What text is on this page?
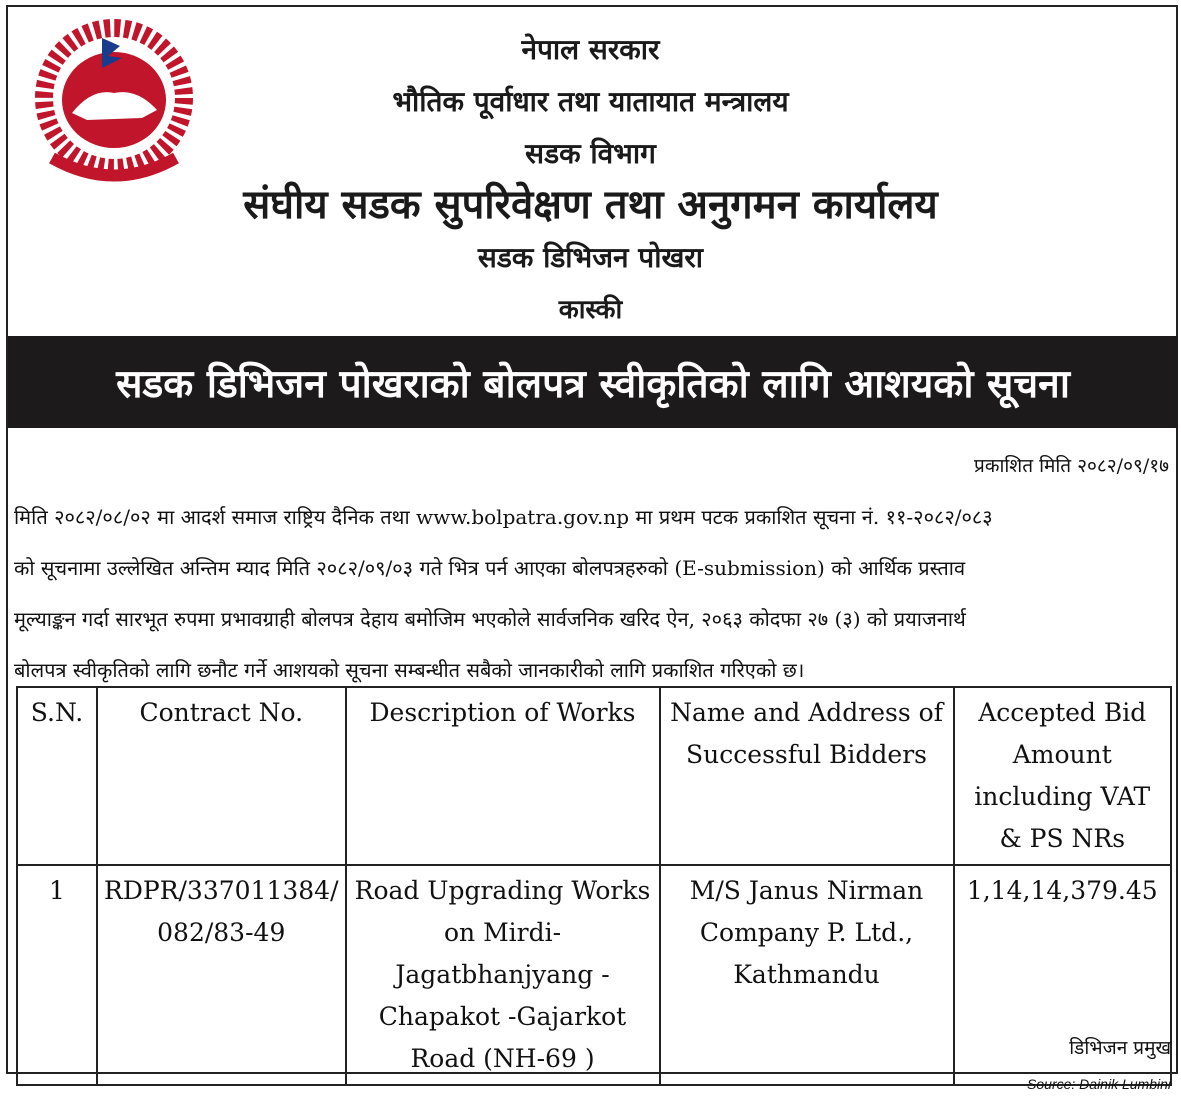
नेपाल सरकार
भौतिक पूर्वाधार तथा यातायात मन्त्रालय
सडक विभाग
संघीय सडक सुपरिवेक्षण तथा अनुगमन कार्यालय
सडक डिभिजन पोखरा
कास्की
सडक डिभिजन पोखराको बोलपत्र स्वीकृतिको लागि आशयको सूचना
प्रकाशित मिति २०८२/०९/१७
मिति २०८२/०८/०२ मा आदर्श समाज राष्ट्रिय दैनिक तथा www.bolpatra.gov.np मा प्रथम पटक प्रकाशित सूचना नं. ११-२०८२/०८३
को सूचनामा उल्लेखित अन्तिम म्याद मिति २०८२/०९/०३ गते भित्र पर्न आएका बोलपत्रहरुको (E-submission) को आर्थिक प्रस्ताव
मूल्याङ्कन गर्दा सारभूत रुपमा प्रभावग्राही बोलपत्र देहाय बमोजिम भएकोले सार्वजनिक खरिद ऐन, २०६३ कोदफा २७ (३) को प्रयाजनार्थ
बोलपत्र स्वीकृतिको लागि छनौट गर्ने आशयको सूचना सम्बन्धीत सबैको जानकारीको लागि प्रकाशित गरिएको छ।
S.N.	Contract No.	Description of Works	Name and Address of Successful Bidders	Accepted Bid Amount including VAT & PS NRs
1	RDPR/337011384/ 082/83-49	Road Upgrading Works on Mirdi-Jagatbhanjyang -Chapakot -Gajarkot Road (NH-69 )	M/S Janus Nirman Company P. Ltd., Kathmandu	1,14,14,379.45
डिभिजन प्रमुख
Source: Dainik Lumbini
